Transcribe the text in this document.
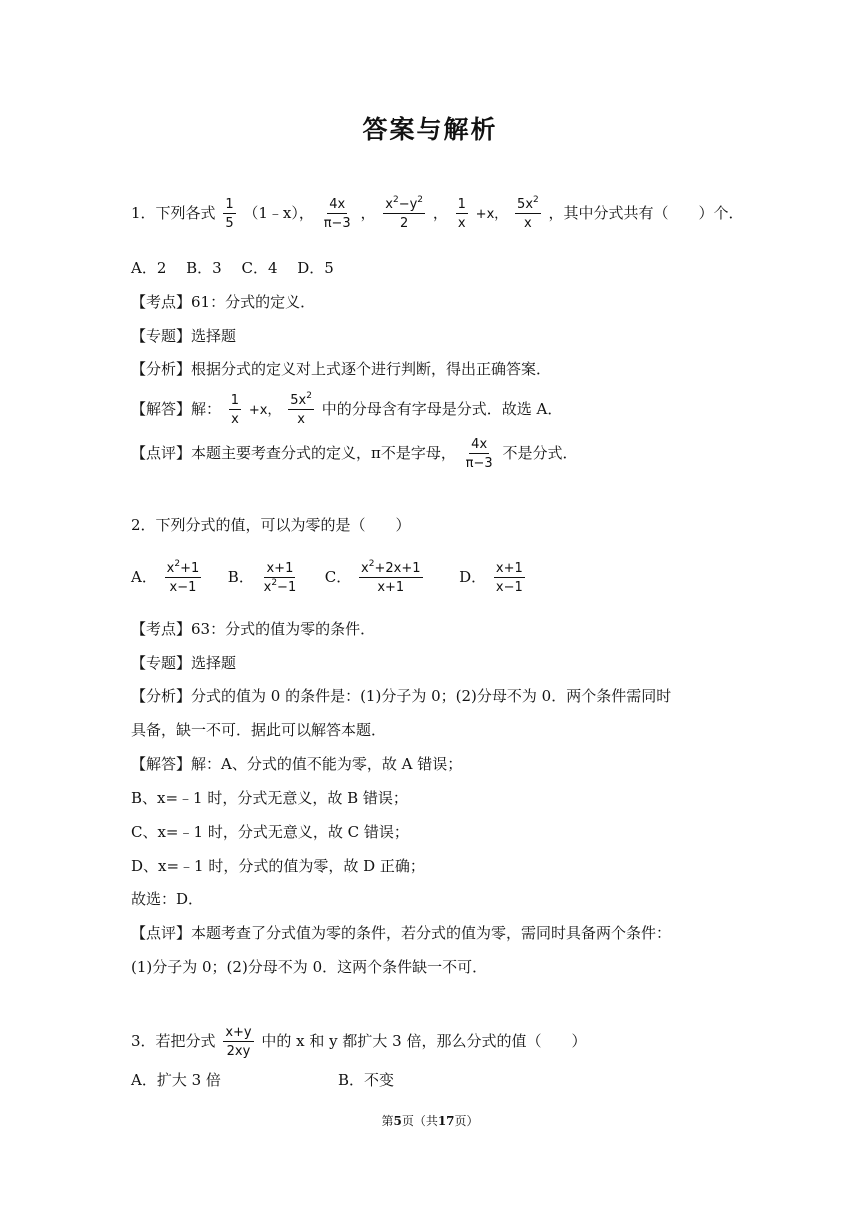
答案与解析
1．下列各式 $\frac{1}{5}$ （1﹣x）， $\frac{4x}{\pi-3}$ ， $\frac{x^2-y^2}{2}$ ， $\frac{1}{x} +x$， $\frac{5x^2}{x}$ ，其中分式共有（　　）个．
A．2　 B．3　 C．4　 D．5
【考点】61：分式的定义．
【专题】选择题
【分析】根据分式的定义对上式逐个进行判断，得出正确答案．
【解答】解： $\frac{1}{x} +x$， $\frac{5x^2}{x}$ 中的分母含有字母是分式．故选 A．
【点评】本题主要考查分式的定义，π不是字母， $\frac{4x}{\pi-3}$ 不是分式．
2．下列分式的值，可以为零的是（　　）
A． $\frac{x^2+1}{x-1}$ B． $\frac{x+1}{x^2-1}$ C． $\frac{x^2+2x+1}{x+1}$ D． $\frac{x+1}{x-1}$
【考点】63：分式的值为零的条件．
【专题】选择题
【分析】分式的值为 0 的条件是：(1)分子为 0；(2)分母不为 0．两个条件需同时
具备，缺一不可．据此可以解答本题．
【解答】解：A、分式的值不能为零，故 A 错误；
B、x=﹣1 时，分式无意义，故 B 错误；
C、x=﹣1 时，分式无意义，故 C 错误；
D、x=﹣1 时，分式的值为零，故 D 正确；
故选：D．
【点评】本题考查了分式值为零的条件，若分式的值为零，需同时具备两个条件：
(1)分子为 0；(2)分母不为 0．这两个条件缺一不可．
3．若把分式 $\frac{x+y}{2xy}$ 中的 x 和 y 都扩大 3 倍，那么分式的值（　　）
A．扩大 3 倍	B．不变
第5页（共17页）
